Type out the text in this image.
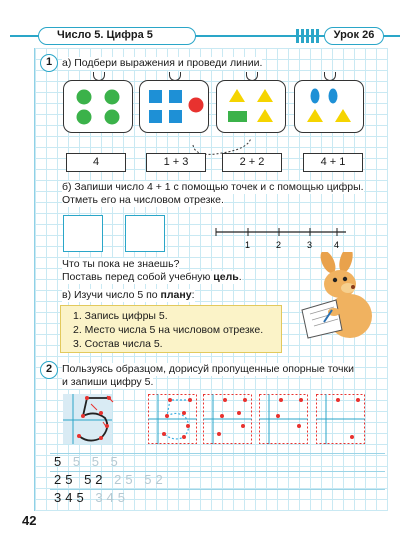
Число 5. Цифра 5	Урок 26
1 а) Подбери выражения и проведи линии.
4	1 + 3	2 + 2	4 + 1
б) Запиши число 4 + 1 с помощью точек и с помощью цифры.
Отметь его на числовом отрезке.
1	2	3 4
Что ты пока не знаешь?
Поставь перед собой учебную цель.
в) Изучи число 5 по плану:
1. Запись цифры 5.
2. Место числа 5 на числовом отрезке.
3. Состав числа 5.
2 Пользуясь образцом, дорисуй пропущенные опорные точки
и запиши цифру 5.
5 5 5 5
25 52 25 52
345 345
42
